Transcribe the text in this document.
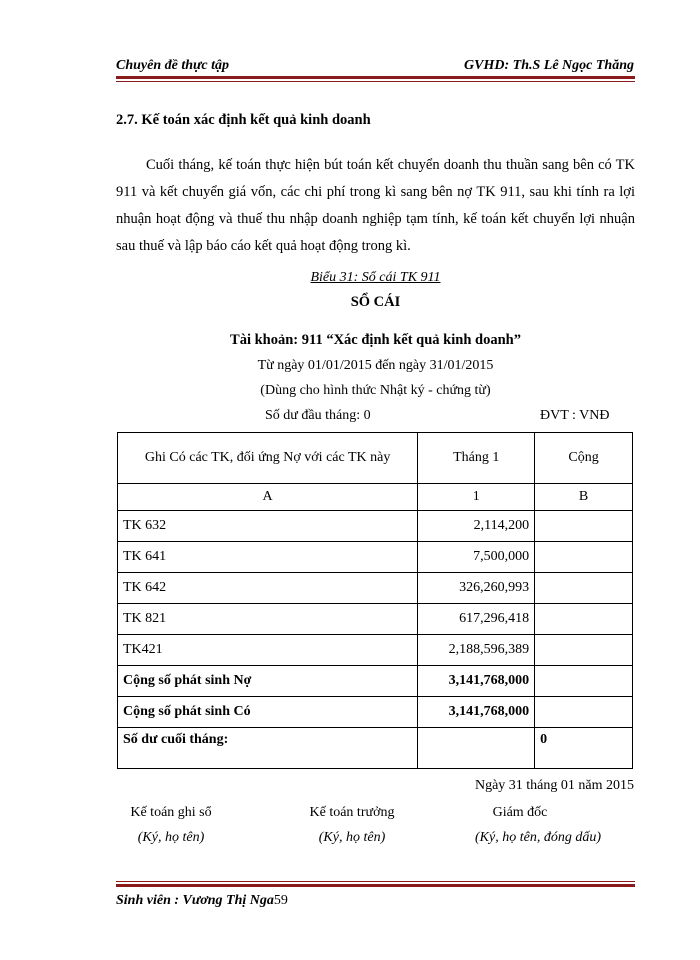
Chuyên đề thực tập	GVHD: Th.S Lê Ngọc Thăng
2.7. Kế toán xác định kết quả kinh doanh
Cuối tháng, kế toán thực hiện bút toán kết chuyển doanh thu thuần sang bên có TK 911 và kết chuyển giá vốn, các chi phí trong kì sang bên nợ TK 911, sau khi tính ra lợi nhuận hoạt động và thuế thu nhập doanh nghiệp tạm tính, kế toán kết chuyển lợi nhuận sau thuế và lập báo cáo kết quả hoạt động trong kì.
Biểu 31: Sổ cái TK 911
SỔ CÁI
Tài khoản: 911 “Xác định kết quả kinh doanh”
Từ ngày 01/01/2015 đến ngày 31/01/2015
(Dùng cho hình thức Nhật ký - chứng từ)
Số dư đầu tháng: 0	ĐVT : VNĐ
Ghi Có các TK, đối ứng Nợ với các TK này	Tháng 1	Cộng
A	1	B
TK 632	2,114,200	
TK 641	7,500,000	
TK 642	326,260,993	
TK 821	617,296,418	
TK421	2,188,596,389	
Cộng số phát sinh Nợ	3,141,768,000	
Cộng số phát sinh Có	3,141,768,000	
Số dư cuối tháng:		0
Ngày 31 tháng 01 năm 2015
Kế toán ghi sổ
(Ký, họ tên)
Kế toán trưởng
(Ký, họ tên)
Giám đốc
(Ký, họ tên, đóng dấu)
Sinh viên : Vương Thị Nga59
